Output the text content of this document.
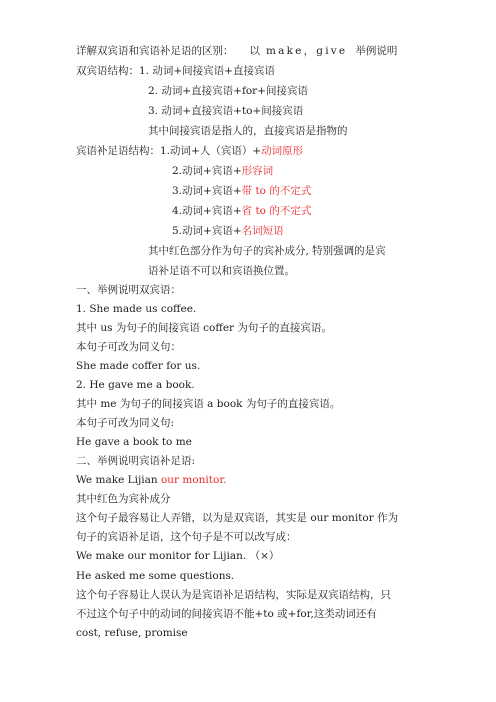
详解双宾语和宾语补足语的区别： 以 make，give 举例说明
双宾语结构：1. 动词+间接宾语+直接宾语
2. 动词+直接宾语+for+间接宾语
3. 动词+直接宾语+to+间接宾语
其中间接宾语是指人的，直接宾语是指物的
宾语补足语结构：1.动词+人（宾语）+动词原形
2.动词+宾语+形容词
3.动词+宾语+带 to 的不定式
4.动词+宾语+省 to 的不定式
5.动词+宾语+名词短语
其中红色部分作为句子的宾补成分, 特别强调的是宾
语补足语不可以和宾语换位置。
一、举例说明双宾语：
1. She made us coffee.
其中 us 为句子的间接宾语 coffer 为句子的直接宾语。
本句子可改为同义句：
She made coffer for us.
2. He gave me a book.
其中 me 为句子的间接宾语 a book 为句子的直接宾语。
本句子可改为同义句:
He gave a book to me
二、举例说明宾语补足语:
We make Lijian our monitor.
其中红色为宾补成分
这个句子最容易让人弄错，以为是双宾语，其实是 our monitor 作为
句子的宾语补足语，这个句子是不可以改写成：
We make our monitor for Lijian. （×）
He asked me some questions.
这个句子容易让人误认为是宾语补足语结构，实际是双宾语结构，只
不过这个句子中的动词的间接宾语不能+to 或+for,这类动词还有
cost, refuse, promise
